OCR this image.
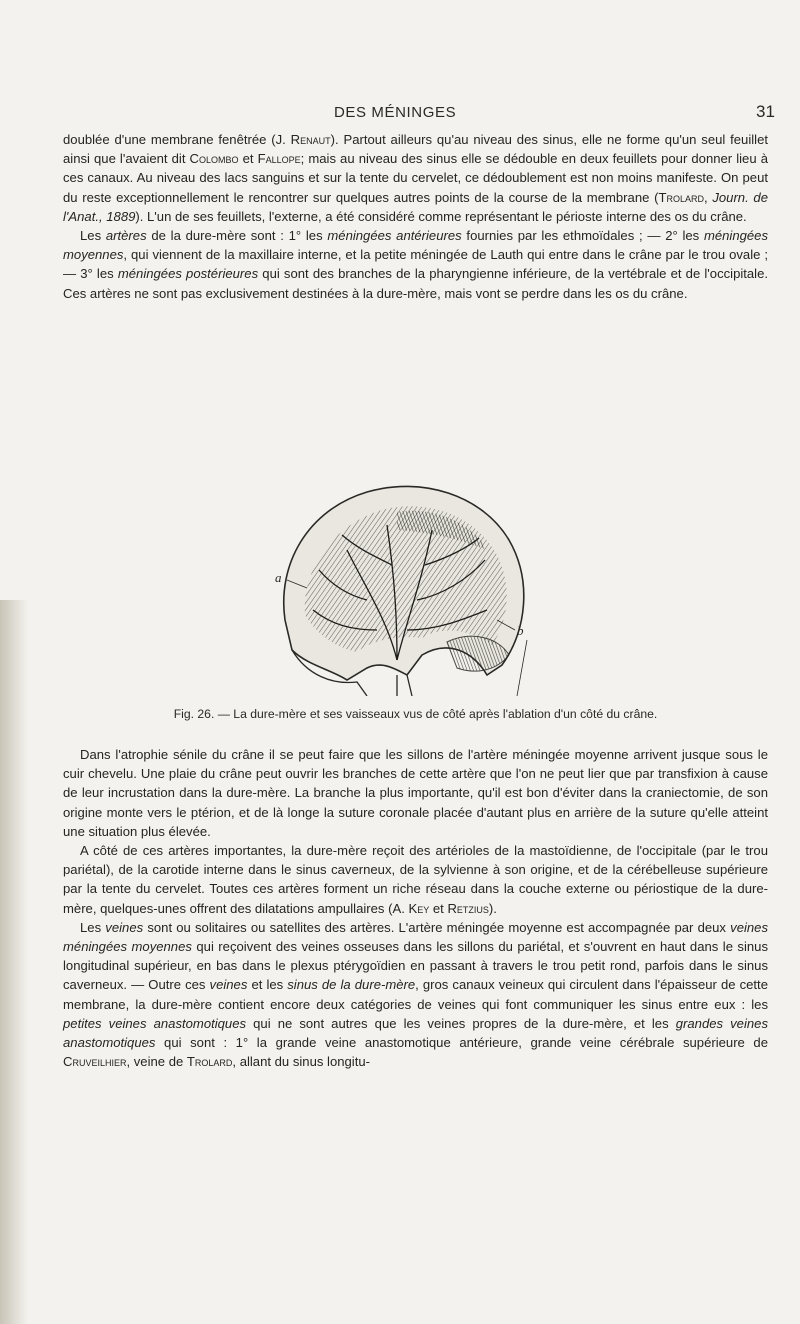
DES MÉNINGES	31

doublée d'une membrane fenêtrée (J. Renaut). Partout ailleurs qu'au niveau des sinus, elle ne forme qu'un seul feuillet ainsi que l'avaient dit Colombo et Fallope; mais au niveau des sinus elle se dédouble en deux feuillets pour donner lieu à ces canaux. Au niveau des lacs sanguins et sur la tente du cervelet, ce dédoublement est non moins manifeste. On peut du reste exceptionnellement le rencontrer sur quelques autres points de la course de la membrane (Trolard, Journ. de l'Anat., 1889). L'un de ses feuillets, l'externe, a été considéré comme représentant le périoste interne des os du crâne.

Les artères de la dure-mère sont : 1° les méningées antérieures fournies par les ethmoïdales ; — 2° les méningées moyennes, qui viennent de la maxillaire interne, et la petite méningée de Lauth qui entre dans le crâne par le trou ovale ; — 3° les méningées postérieures qui sont des branches de la pharyngienne inférieure, de la vertébrale et de l'occipitale. Ces artères ne sont pas exclusivement destinées à la dure-mère, mais vont se perdre dans les os du crâne.

a
b
Fig. 26. — La dure-mère et ses vaisseaux vus de côté après l'ablation d'un côté du crâne.

Dans l'atrophie sénile du crâne il se peut faire que les sillons de l'artère méningée moyenne arrivent jusque sous le cuir chevelu. Une plaie du crâne peut ouvrir les branches de cette artère que l'on ne peut lier que par transfixion à cause de leur incrustation dans la dure-mère. La branche la plus importante, qu'il est bon d'éviter dans la craniectomie, de son origine monte vers le ptérion, et de là longe la suture coronale placée d'autant plus en arrière de la suture qu'elle atteint une situation plus élevée.

A côté de ces artères importantes, la dure-mère reçoit des artérioles de la mastoïdienne, de l'occipitale (par le trou pariétal), de la carotide interne dans le sinus caverneux, de la sylvienne à son origine, et de la cérébelleuse supérieure par la tente du cervelet. Toutes ces artères forment un riche réseau dans la couche externe ou périostique de la dure-mère, quelques-unes offrent des dilatations ampullaires (A. Key et Retzius).

Les veines sont ou solitaires ou satellites des artères. L'artère méningée moyenne est accompagnée par deux veines méningées moyennes qui reçoivent des veines osseuses dans les sillons du pariétal, et s'ouvrent en haut dans le sinus longitudinal supérieur, en bas dans le plexus ptérygoïdien en passant à travers le trou petit rond, parfois dans le sinus caverneux. — Outre ces veines et les sinus de la dure-mère, gros canaux veineux qui circulent dans l'épaisseur de cette membrane, la dure-mère contient encore deux catégories de veines qui font communiquer les sinus entre eux : les petites veines anastomotiques qui ne sont autres que les veines propres de la dure-mère, et les grandes veines anastomotiques qui sont : 1° la grande veine anastomotique antérieure, grande veine cérébrale supérieure de Cruveilhier, veine de Trolard, allant du sinus longitu-
